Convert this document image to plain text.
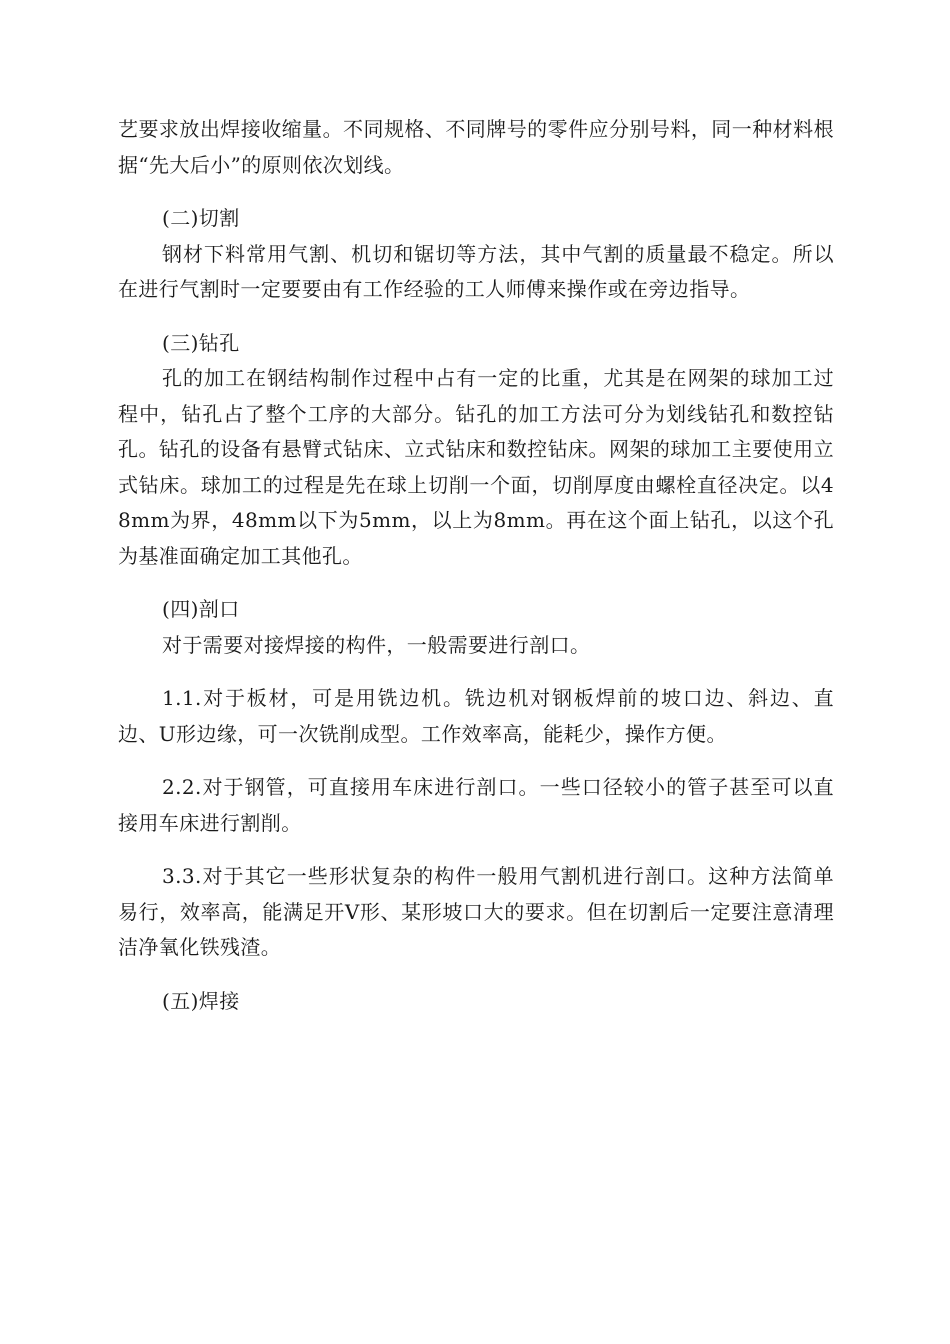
艺要求放出焊接收缩量。不同规格、不同牌号的零件应分别号料，同一种材料根据“先大后小”的原则依次划线。

(二)切割

钢材下料常用气割、机切和锯切等方法，其中气割的质量最不稳定。所以在进行气割时一定要要由有工作经验的工人师傅来操作或在旁边指导。

(三)钻孔

孔的加工在钢结构制作过程中占有一定的比重，尤其是在网架的球加工过程中，钻孔占了整个工序的大部分。钻孔的加工方法可分为划线钻孔和数控钻孔。钻孔的设备有悬臂式钻床、立式钻床和数控钻床。网架的球加工主要使用立式钻床。球加工的过程是先在球上切削一个面，切削厚度由螺栓直径决定。以48mm为界，48mm以下为5mm，以上为8mm。再在这个面上钻孔，以这个孔为基准面确定加工其他孔。

(四)剖口

对于需要对接焊接的构件，一般需要进行剖口。

1.1.对于板材，可是用铣边机。铣边机对钢板焊前的坡口边、斜边、直边、U形边缘，可一次铣削成型。工作效率高，能耗少，操作方便。

2.2.对于钢管，可直接用车床进行剖口。一些口径较小的管子甚至可以直接用车床进行割削。

3.3.对于其它一些形状复杂的构件一般用气割机进行剖口。这种方法简单易行，效率高，能满足开V形、某形坡口大的要求。但在切割后一定要注意清理洁净氧化铁残渣。

(五)焊接
